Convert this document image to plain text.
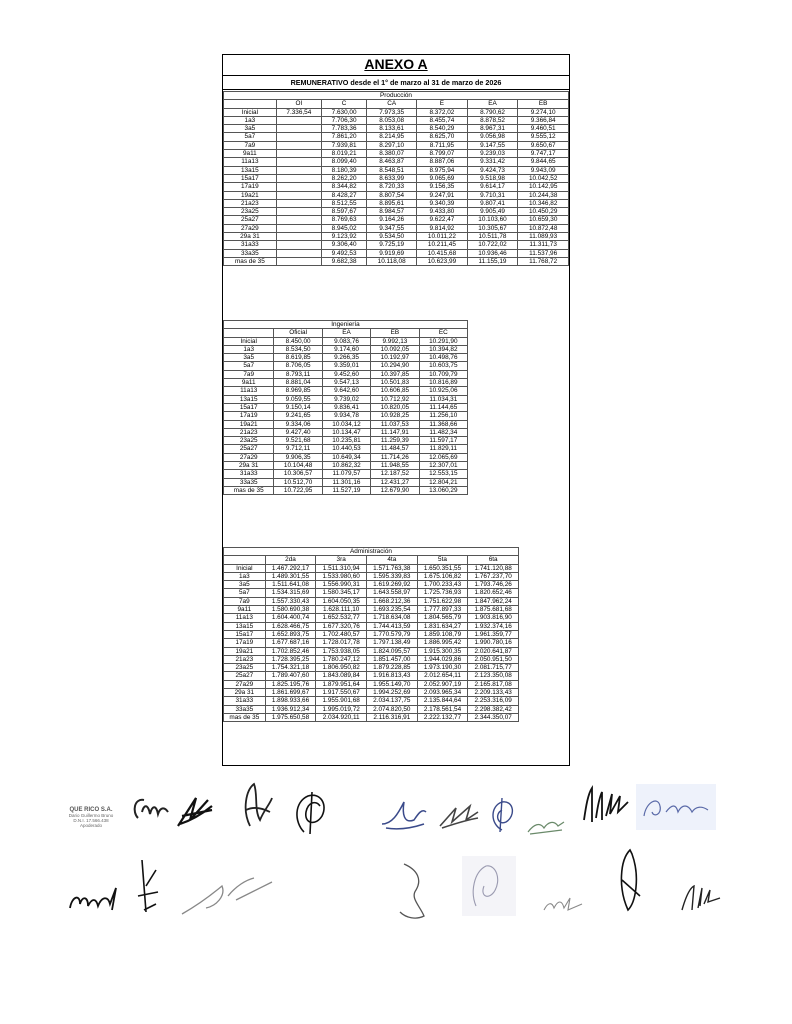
ANEXO A
REMUNERATIVO desde el 1° de marzo al 31 de marzo de 2026
Producción						
	OI	C	CA	E	EA	EB
Inicial	7.336,54	7.630,00	7.973,35	8.372,02	8.790,62	9.274,10
1a3		7.706,30	8.053,08	8.455,74	8.878,52	9.366,84
3a5		7.783,36	8.133,61	8.540,29	8.967,31	9.460,51
5a7		7.861,20	8.214,95	8.625,70	9.056,98	9.555,12
7a9		7.939,81	8.297,10	8.711,95	9.147,55	9.650,67
9a11		8.019,21	8.380,07	8.799,07	9.239,03	9.747,17
11a13		8.099,40	8.463,87	8.887,06	9.331,42	9.844,65
13a15		8.180,39	8.548,51	8.975,94	9.424,73	9.943,09
15a17		8.262,20	8.633,99	9.065,69	9.518,98	10.042,52
17a19		8.344,82	8.720,33	9.156,35	9.614,17	10.142,95
19a21		8.428,27	8.807,54	9.247,91	9.710,31	10.244,38
21a23		8.512,55	8.895,61	9.340,39	9.807,41	10.346,82
23a25		8.597,67	8.984,57	9.433,80	9.905,49	10.450,29
25a27		8.769,63	9.164,26	9.622,47	10.103,60	10.659,30
27a29		8.945,02	9.347,55	9.814,92	10.305,67	10.872,48
29a 31		9.123,92	9.534,50	10.011,22	10.511,78	11.089,93
31a33		9.306,40	9.725,19	10.211,45	10.722,02	11.311,73
33a35		9.492,53	9.919,69	10.415,68	10.936,46	11.537,96
mas de 35		9.682,38	10.118,08	10.623,99	11.155,19	11.768,72
Ingeniería				
	Oficial	EA	EB	EC
Inicial	8.450,00	9.083,76	9.992,13	10.291,90
1a3	8.534,50	9.174,60	10.092,05	10.394,82
3a5	8.619,85	9.266,35	10.192,97	10.498,76
5a7	8.706,05	9.359,01	10.294,90	10.603,75
7a9	8.793,11	9.452,60	10.397,85	10.709,79
9a11	8.881,04	9.547,13	10.501,83	10.816,89
11a13	8.969,85	9.642,60	10.606,85	10.925,06
13a15	9.059,55	9.739,02	10.712,92	11.034,31
15a17	9.150,14	9.836,41	10.820,05	11.144,65
17a19	9.241,65	9.934,78	10.928,25	11.256,10
19a21	9.334,06	10.034,12	11.037,53	11.368,66
21a23	9.427,40	10.134,47	11.147,91	11.482,34
23a25	9.521,68	10.235,81	11.259,39	11.597,17
25a27	9.712,11	10.440,53	11.484,57	11.829,11
27a29	9.906,35	10.649,34	11.714,26	12.065,69
29a 31	10.104,48	10.862,32	11.948,55	12.307,01
31a33	10.306,57	11.079,57	12.187,52	12.553,15
33a35	10.512,70	11.301,16	12.431,27	12.804,21
mas de 35	10.722,95	11.527,19	12.679,90	13.060,29
Administración					
	2da	3ra	4ta	5ta	6ta
Inicial	1.467.292,17	1.511.310,94	1.571.763,38	1.650.351,55	1.741.120,88
1a3	1.489.301,55	1.533.980,60	1.595.339,83	1.675.106,82	1.767.237,70
3a5	1.511.641,08	1.556.990,31	1.619.269,92	1.700.233,43	1.793.746,26
5a7	1.534.315,69	1.580.345,17	1.643.558,97	1.725.736,93	1.820.652,46
7a9	1.557.330,43	1.604.050,35	1.668.212,36	1.751.622,98	1.847.962,24
9a11	1.580.690,38	1.628.111,10	1.693.235,54	1.777.897,33	1.875.681,68
11a13	1.604.400,74	1.652.532,77	1.718.634,08	1.804.565,79	1.903.816,90
13a15	1.628.466,75	1.677.320,76	1.744.413,59	1.831.634,27	1.932.374,16
15a17	1.652.893,75	1.702.480,57	1.770.579,79	1.859.108,79	1.961.359,77
17a19	1.677.687,16	1.728.017,78	1.797.138,49	1.886.995,42	1.990.780,16
19a21	1.702.852,46	1.753.938,05	1.824.095,57	1.915.300,35	2.020.641,87
21a23	1.728.395,25	1.780.247,12	1.851.457,00	1.944.029,86	2.050.951,50
23a25	1.754.321,18	1.806.950,82	1.879.228,85	1.973.190,30	2.081.715,77
25a27	1.789.407,60	1.843.089,84	1.916.813,43	2.012.654,11	2.123.350,08
27a29	1.825.195,76	1.879.951,64	1.955.149,70	2.052.907,19	2.165.817,08
29a 31	1.861.699,67	1.917.550,67	1.994.252,69	2.093.965,34	2.209.133,43
31a33	1.898.933,66	1.955.901,68	2.034.137,75	2.135.844,64	2.253.316,09
33a35	1.936.912,34	1.995.019,72	2.074.820,50	2.178.561,54	2.298.382,42
mas de 35	1.975.650,58	2.034.920,11	2.116.316,91	2.222.132,77	2.344.350,07
QUE RICO S.A.
Dario Guillermo Bruno
D.N.I. 17.566.438
Apoderado
